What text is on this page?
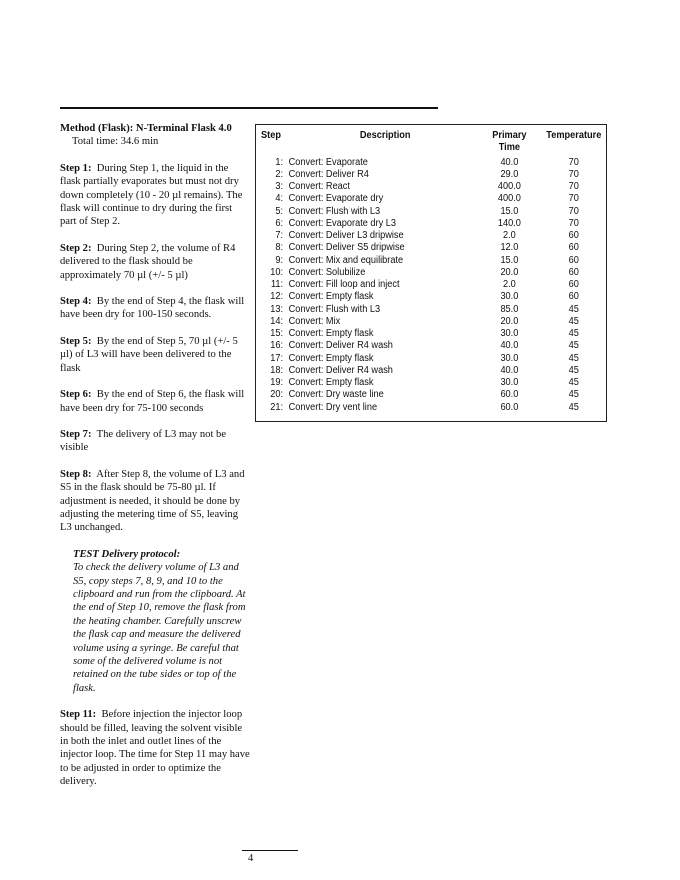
Method (Flask): N-Terminal Flask 4.0
Total time: 34.6 min
Step 1: During Step 1, the liquid in the flask partially evaporates but must not dry down completely (10 - 20 µl remains). The flask will continue to dry during the first part of Step 2.
Step 2: During Step 2, the volume of R4 delivered to the flask should be approximately 70 µl (+/- 5 µl)
Step 4: By the end of Step 4, the flask will have been dry for 100-150 seconds.
Step 5: By the end of Step 5, 70 µl (+/- 5 µl) of L3 will have been delivered to the flask
Step 6: By the end of Step 6, the flask will have been dry for 75-100 seconds
Step 7: The delivery of L3 may not be visible
Step 8: After Step 8, the volume of L3 and S5 in the flask should be 75-80 µl. If adjustment is needed, it should be done by adjusting the metering time of S5, leaving L3 unchanged.
TEST Delivery protocol:
To check the delivery volume of L3 and S5, copy steps 7, 8, 9, and 10 to the clipboard and run from the clipboard. At the end of Step 10, remove the flask from the heating chamber. Carefully unscrew the flask cap and measure the delivered volume using a syringe. Be careful that some of the delivered volume is not retained on the tube sides or top of the flask.
Step 11: Before injection the injector loop should be filled, leaving the solvent visible in both the inlet and outlet lines of the injector loop. The time for Step 11 may have to be adjusted in order to optimize the delivery.
Step	Description	Primary
Time	Temperature
1:	Convert: Evaporate	40.0	70
2:	Convert: Deliver R4	29.0	70
3:	Convert: React	400.0	70
4:	Convert: Evaporate dry	400.0	70
5:	Convert: Flush with L3	15.0	70
6:	Convert: Evaporate dry L3	140.0	70
7:	Convert: Deliver L3 dripwise	2.0	60
8:	Convert: Deliver S5 dripwise	12.0	60
9:	Convert: Mix and equilibrate	15.0	60
10:	Convert: Solubilize	20.0	60
11:	Convert: Fill loop and inject	2.0	60
12:	Convert: Empty flask	30.0	60
13:	Convert: Flush with L3	85.0	45
14:	Convert: Mix	20.0	45
15:	Convert: Empty flask	30.0	45
16:	Convert: Deliver R4 wash	40.0	45
17:	Convert: Empty flask	30.0	45
18:	Convert: Deliver R4 wash	40.0	45
19:	Convert: Empty flask	30.0	45
20:	Convert: Dry waste line	60.0	45
21:	Convert: Dry vent line	60.0	45
4
